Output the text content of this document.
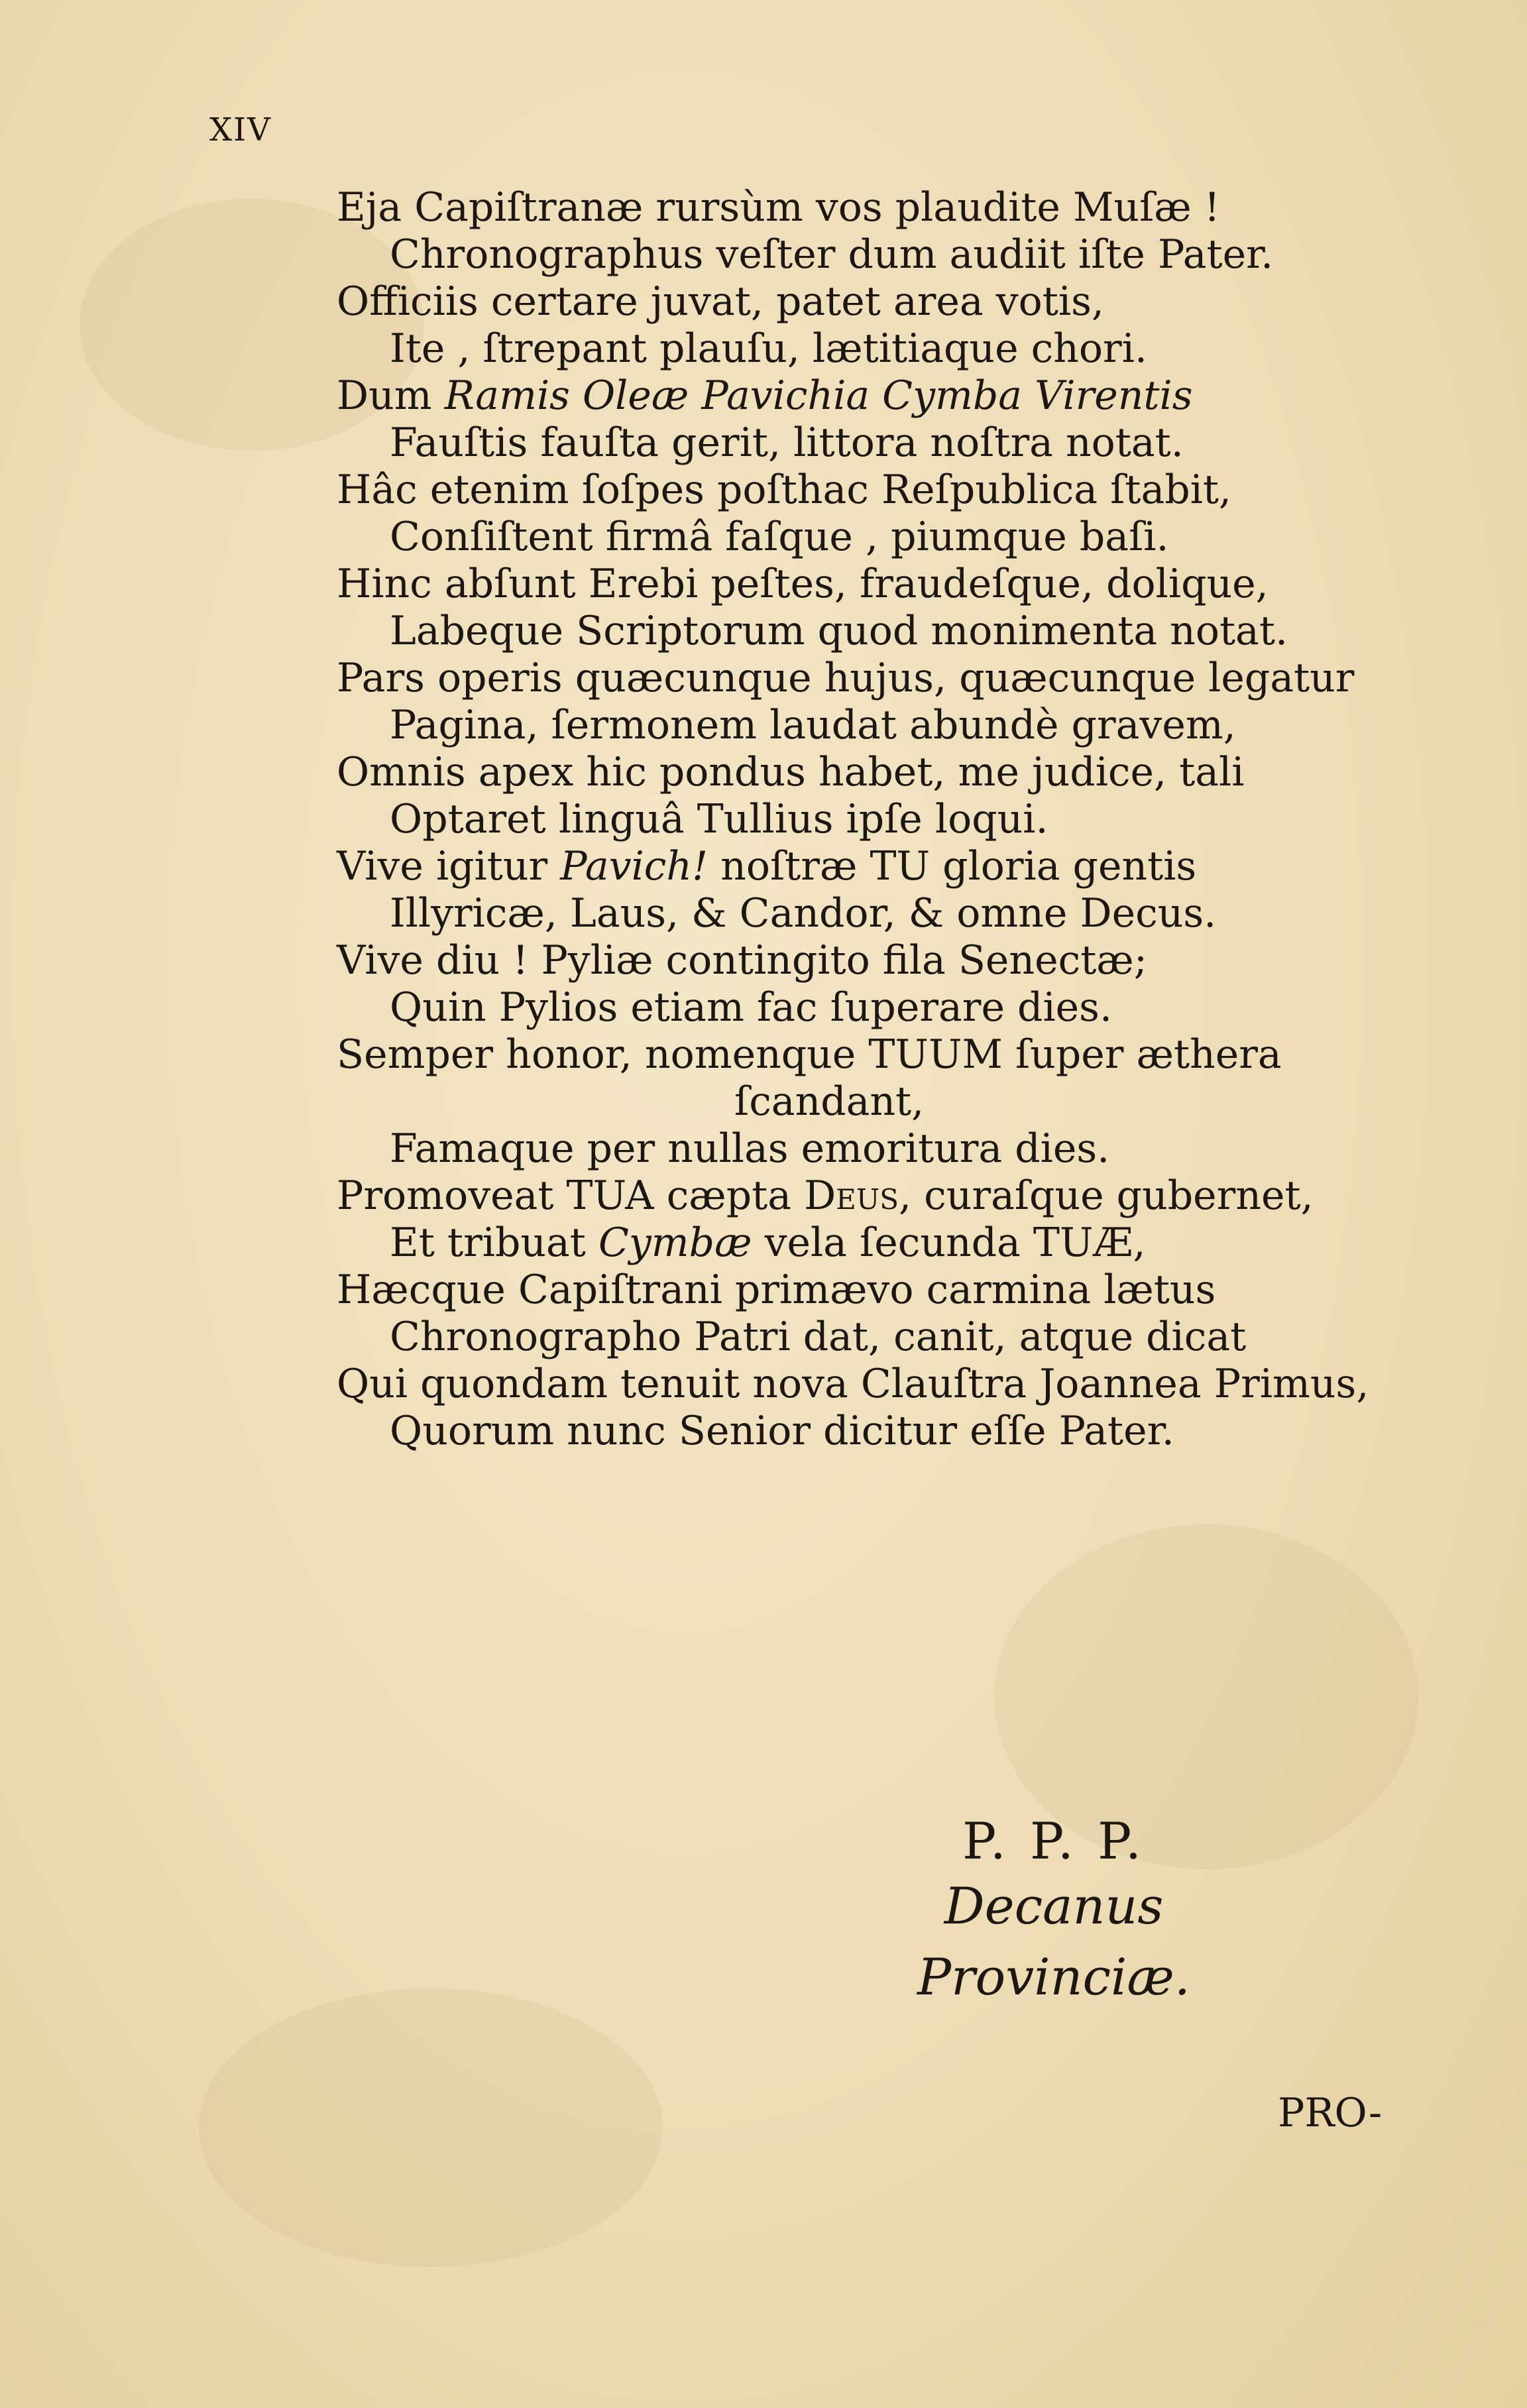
XIV
Eja Capiſtranæ rursùm vos plaudite Muſæ !
Chronographus veſter dum audiit iſte Pater.
Officiis certare juvat, patet area votis,
Ite , ſtrepant plauſu, lætitiaque chori.
Dum Ramis Oleæ Pavichia Cymba Virentis
Fauſtis fauſta gerit, littora noſtra notat.
Hâc etenim ſoſpes poſthac Reſpublica ſtabit,
Conſiſtent firmâ faſque , piumque baſi.
Hinc abſunt Erebi peſtes, fraudeſque, dolique,
Labeque Scriptorum quod monimenta notat.
Pars operis quæcunque hujus, quæcunque legatur
Pagina, ſermonem laudat abundè gravem,
Omnis apex hic pondus habet, me judice, tali
Optaret linguâ Tullius ipſe loqui.
Vive igitur Pavich! noſtræ TU gloria gentis
Illyricæ, Laus, & Candor, & omne Decus.
Vive diu ! Pyliæ contingito fila Senectæ;
Quin Pylios etiam fac ſuperare dies.
Semper honor, nomenque TUUM ſuper æthera
ſcandant,
Famaque per nullas emoritura dies.
Promoveat TUA cæpta Deus, curaſque gubernet,
Et tribuat Cymbæ vela ſecunda TUÆ,
Hæcque Capiſtrani primævo carmina lætus
Chronographo Patri dat, canit, atque dicat
Qui quondam tenuit nova Clauſtra Joannea Primus,
Quorum nunc Senior dicitur eſſe Pater.
P. P. P.
Decanus Provinciæ.
PRO-
